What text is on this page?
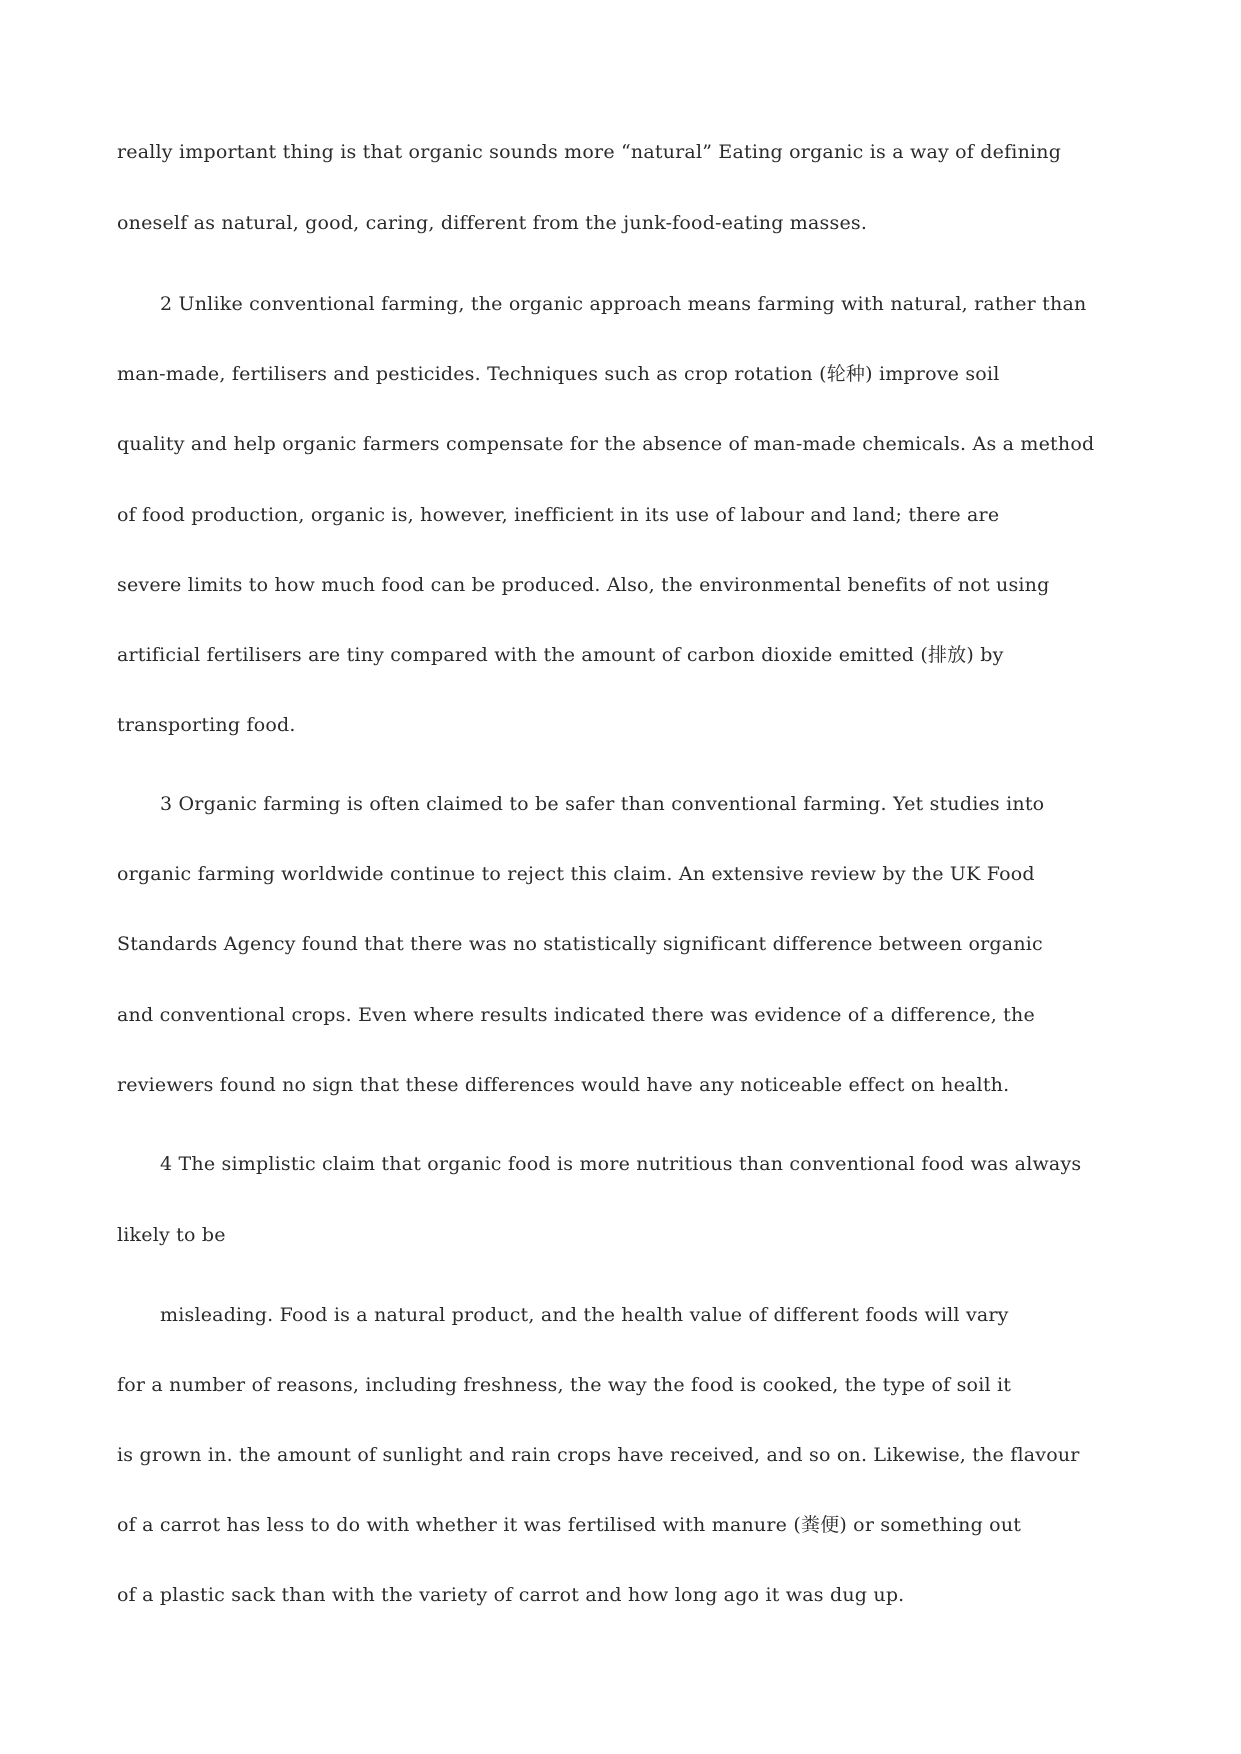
really important thing is that organic sounds more “natural” Eating organic is a way of defining
oneself as natural, good, caring, different from the junk-food-eating masses.
2 Unlike conventional farming, the organic approach means farming with natural, rather than
man-made, fertilisers and pesticides. Techniques such as crop rotation (轮种) improve soil
quality and help organic farmers compensate for the absence of man-made chemicals. As a method
of food production, organic is, however, inefficient in its use of labour and land; there are
severe limits to how much food can be produced. Also, the environmental benefits of not using
artificial fertilisers are tiny compared with the amount of carbon dioxide emitted (排放) by
transporting food.
3 Organic farming is often claimed to be safer than conventional farming. Yet studies into
organic farming worldwide continue to reject this claim. An extensive review by the UK Food
Standards Agency found that there was no statistically significant difference between organic
and conventional crops. Even where results indicated there was evidence of a difference, the
reviewers found no sign that these differences would have any noticeable effect on health.
4 The simplistic claim that organic food is more nutritious than conventional food was always
likely to be
misleading. Food is a natural product, and the health value of different foods will vary
for a number of reasons, including freshness, the way the food is cooked, the type of soil it
is grown in. the amount of sunlight and rain crops have received, and so on. Likewise, the flavour
of a carrot has less to do with whether it was fertilised with manure (粪便) or something out
of a plastic sack than with the variety of carrot and how long ago it was dug up.
